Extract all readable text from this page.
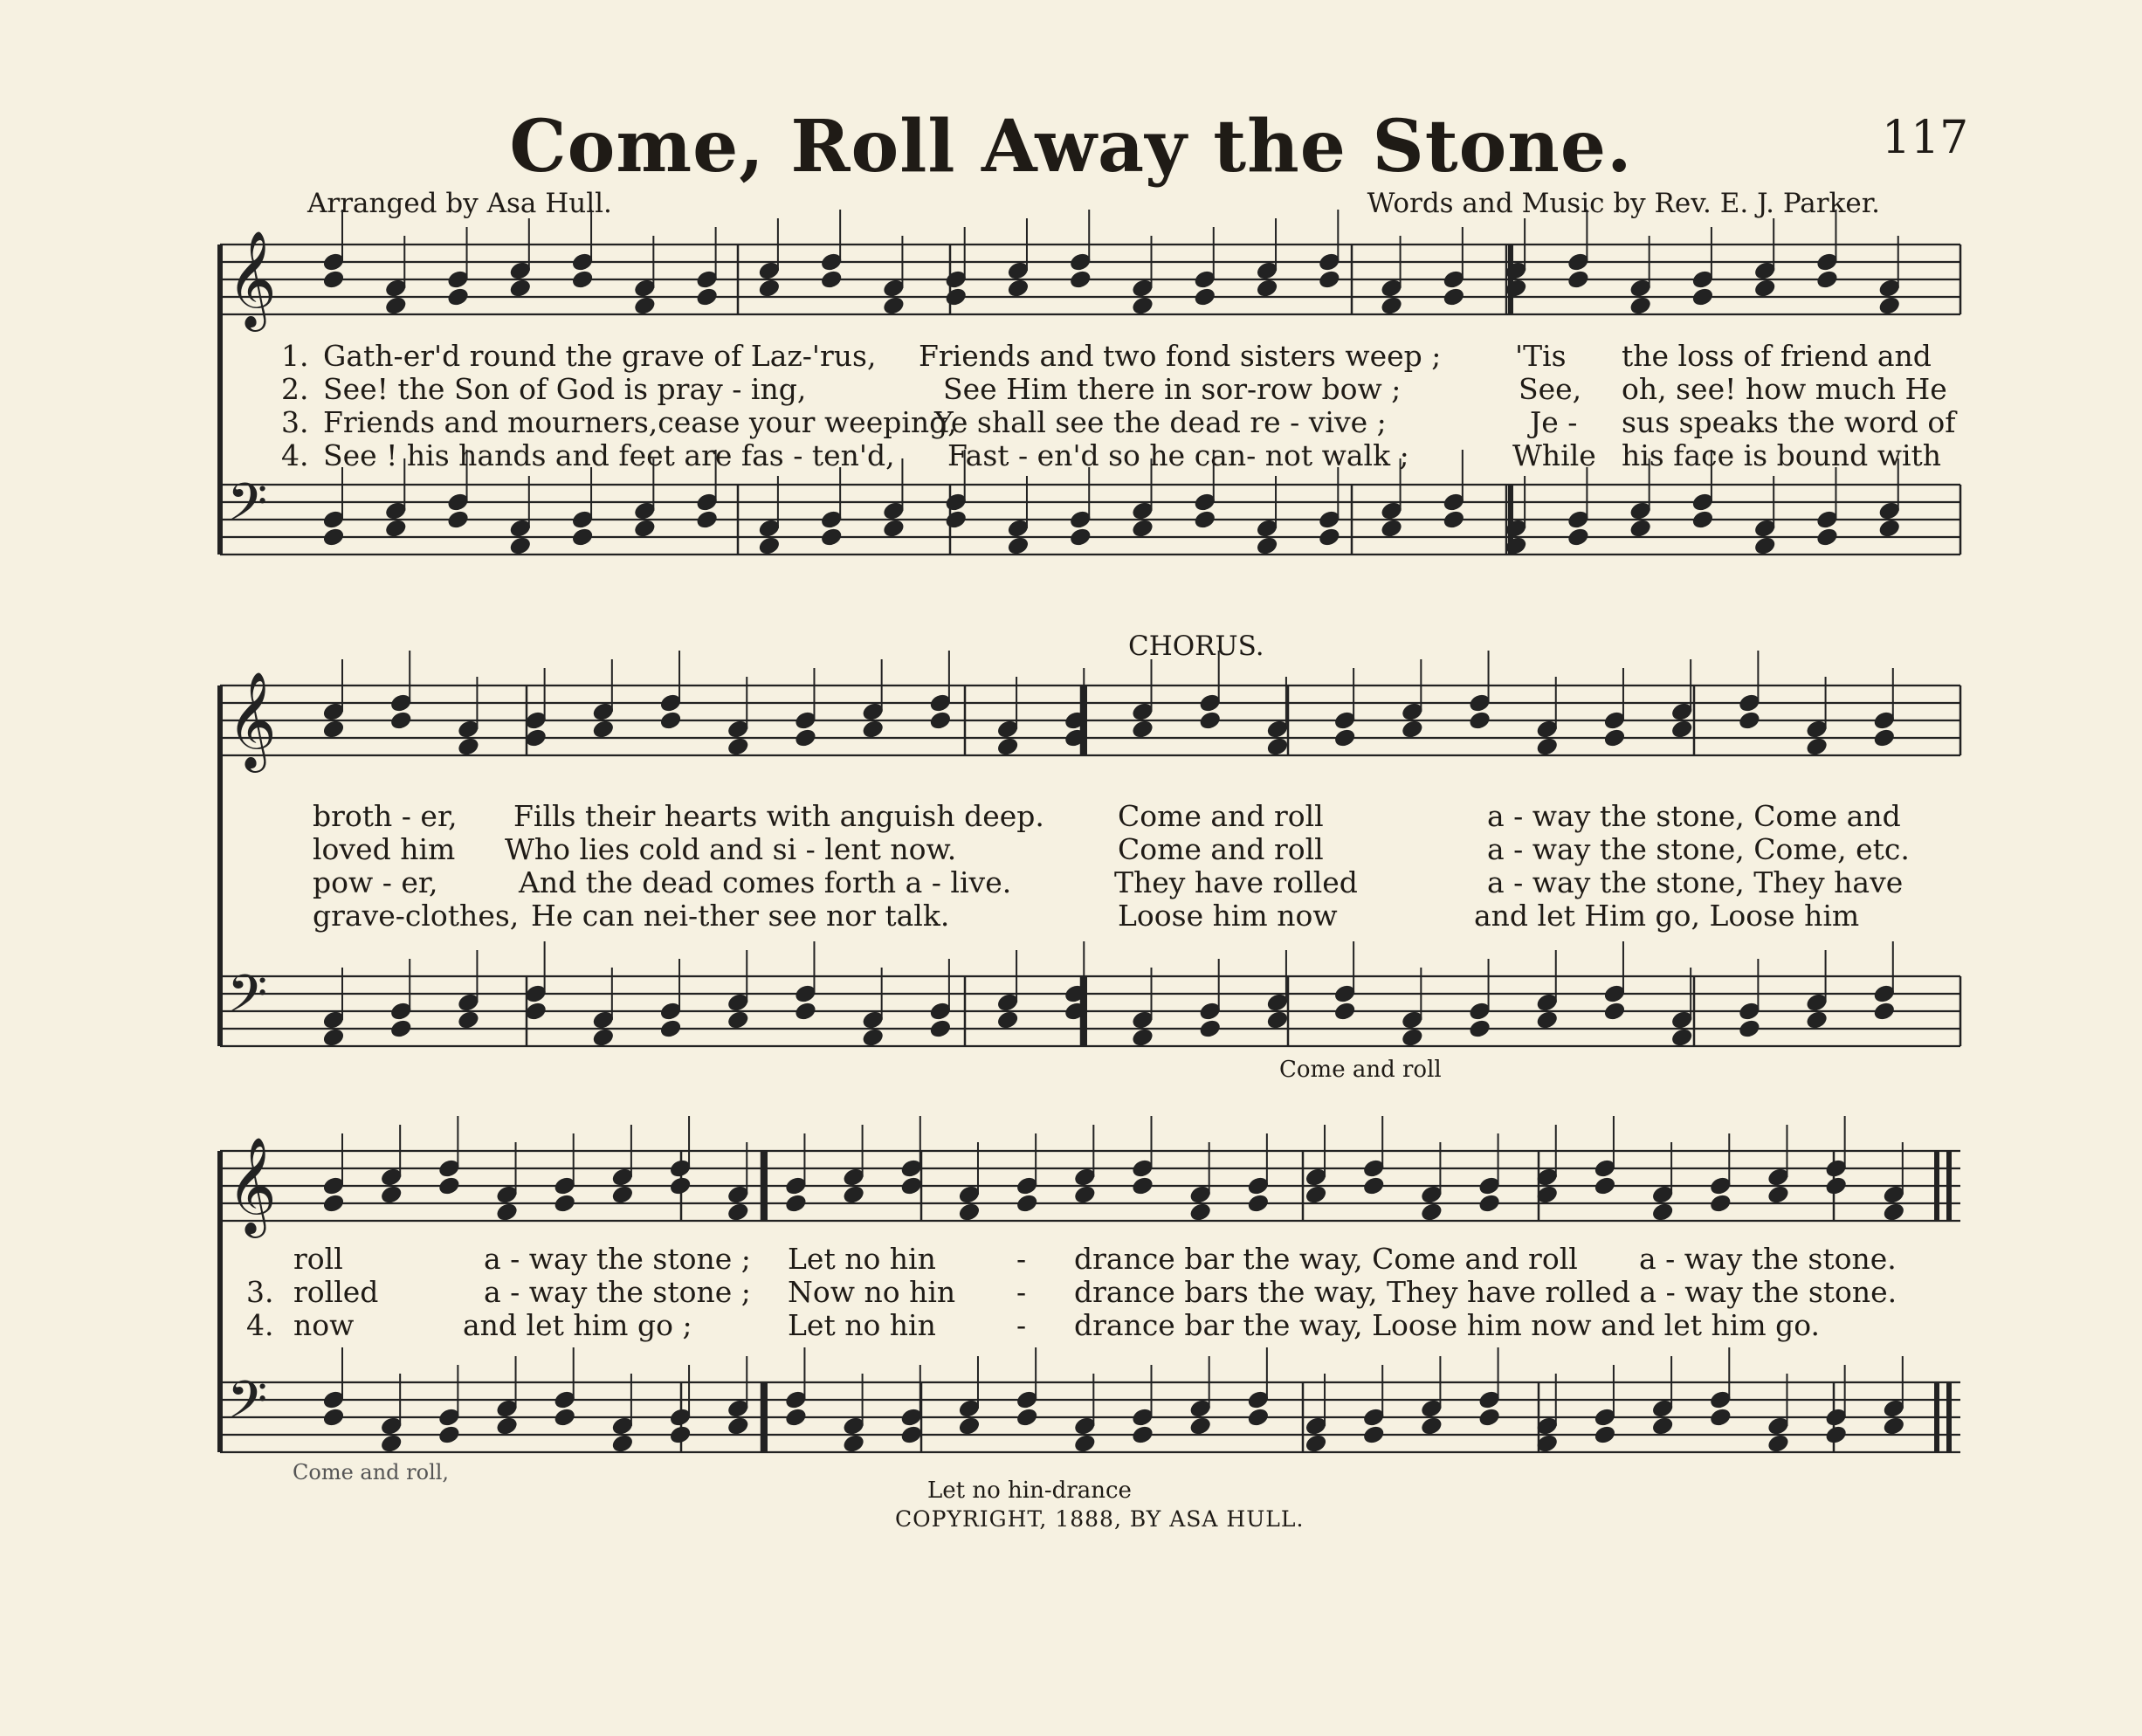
Come, Roll Away the Stone.	117
Arranged by Asa Hull.	Words and Music by Rev. E. J. Parker.
𝄞
𝄢
𝄞
𝄢
𝄞
𝄢
1. Gath-er'd round the grave of Laz-'rus, Friends and two fond sisters weep ;	'Tis the loss of friend and
2. See! the Son of God is pray - ing,	See Him there in sor-row bow ;	See, oh, see! how much He
3. Friends and mourners,cease your weeping,
Ye shall see the dead re - vive ;	Je - sus speaks the word of
4. See ! his hands and feet are fas - ten'd, Fast - en'd so he can- not walk ;	While his face is bound with
CHORUS.
broth - er, Fills their hearts with anguish deep.	Come and roll	a - way the stone, Come and
loved him Who lies cold and si - lent now.	Come and roll	a - way the stone, Come, etc.
pow - er,	And the dead comes forth a - live.	They have rolled	a - way the stone, They have
grave-clothes, He can nei-ther see nor talk.	Loose him now	and let Him go, Loose him
Come and roll
roll	a - way the stone ; Let no hin	- drance bar the way, Come and roll a - way the stone.
3. rolled	a - way the stone ; Now no hin - drance bars the way, They have rolled a - way the stone.
4. now	and let him go ;	Let no hin	- drance bar the way, Loose him now and let him go.
Come and roll,
Let no hin-drance
COPYRIGHT, 1888, BY ASA HULL.
